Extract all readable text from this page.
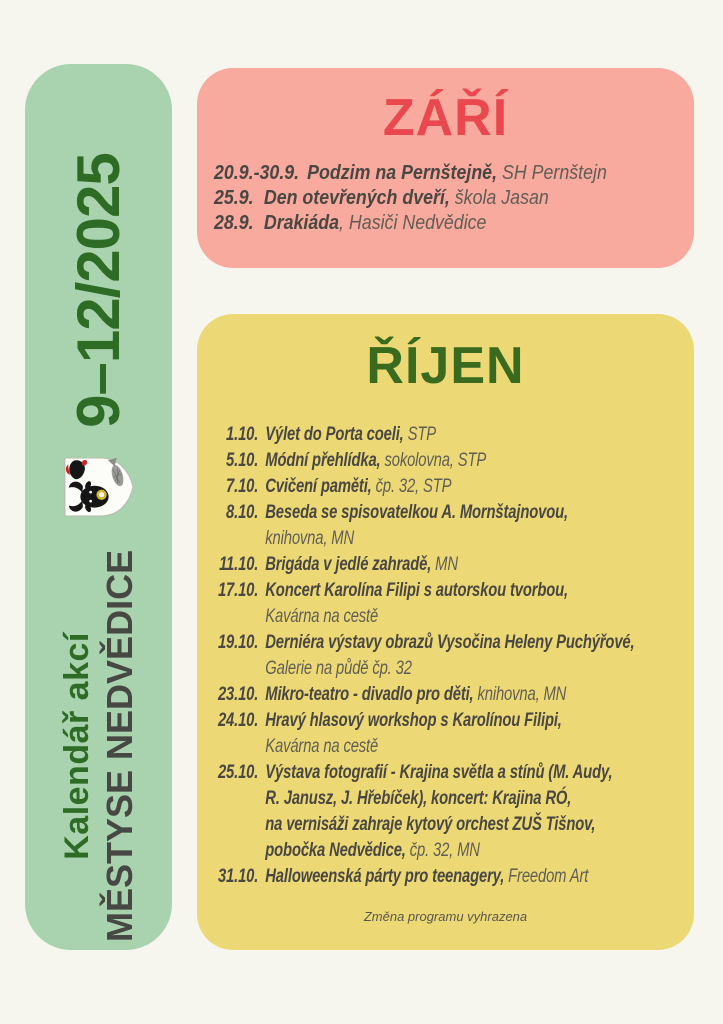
Kalendář akcí MĚSTYSE NEDVĚDICE
9–12/2025
ZÁŘÍ
20.9.-30.9. Podzim na Pernštejně, SH Pernštejn
25.9. Den otevřených dveří, škola Jasan
28.9. Drakiáda, Hasiči Nedvědice
ŘÍJEN
1.10. Výlet do Porta coeli, STP
5.10. Módní přehlídka, sokolovna, STP
7.10. Cvičení paměti, čp. 32, STP
8.10. Beseda se spisovatelkou A. Mornštajnovou,
knihovna, MN
11.10. Brigáda v jedlé zahradě, MN
17.10. Koncert Karolína Filipi s autorskou tvorbou,
Kavárna na cestě
19.10. Derniéra výstavy obrazů Vysočina Heleny Puchýřové,
Galerie na půdě čp. 32
23.10. Mikro-teatro - divadlo pro děti, knihovna, MN
24.10. Hravý hlasový workshop s Karolínou Filipi,
Kavárna na cestě
25.10. Výstava fotografií - Krajina světla a stínů (M. Audy,
R. Janusz, J. Hřebíček), koncert: Krajina RÓ,
na vernisáži zahraje kytový orchest ZUŠ Tišnov,
pobočka Nedvědice, čp. 32, MN
31.10. Halloweenská párty pro teenagery, Freedom Art
Změna programu vyhrazena
